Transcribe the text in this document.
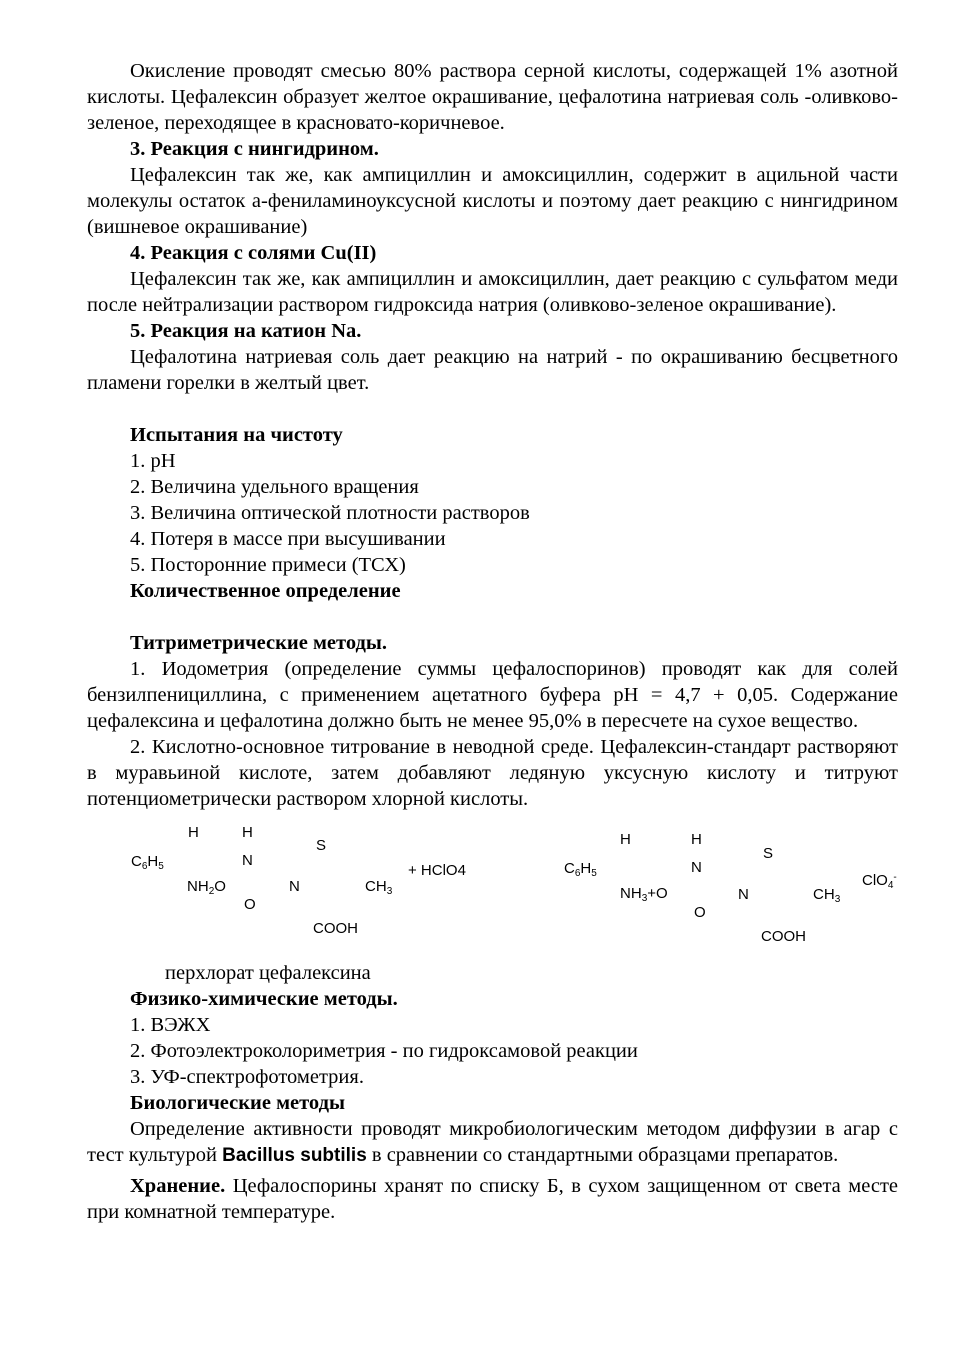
Окисление проводят смесью 80% раствора серной кислоты, содержащей 1% азотной кислоты. Цефалексин образует желтое окрашивание, цефалотина натриевая соль -оливково-зеленое, переходящее в красновато-коричневое.

3. Реакция с нингидрином.

Цефалексин так же, как ампициллин и амоксициллин, содержит в ацильной части молекулы остаток а-фениламиноуксусной кислоты и поэтому дает реакцию с нингидрином (вишневое окрашивание)

4. Реакция с солями Cu(II)

Цефалексин так же, как ампициллин и амоксициллин, дает реакцию с сульфатом меди после нейтрализации раствором гидроксида натрия (оливково-зеленое окрашивание).

5. Реакция на катион Na.

Цефалотина натриевая соль дает реакцию на натрий - по окрашиванию бесцветного пламени горелки в желтый цвет.

Испытания на чистоту
1. pH
2. Величина удельного вращения
3. Величина оптической плотности растворов
4. Потеря в массе при высушивании
5. Посторонние примеси (ТСХ)
Количественное определение
Титриметрические методы.

1. Иодометрия (определение суммы цефалоспоринов) проводят как для солей бензилпенициллина, с применением ацетатного буфера pH = 4,7 + 0,05. Содержание цефалексина и цефалотина должно быть не менее 95,0% в пересчете на сухое вещество.

2. Кислотно-основное титрование в неводной среде. Цефалексин-стандарт растворяют в муравьиной кислоте, затем добавляют ледяную уксусную кислоту и титруют потенциометрически раствором хлорной кислоты.

H	H
S
$C_6H_5$	N
+ HClO4
$NH_2O$	N	$CH_3$
O
COOH
H	H
S
$C_6H_5$	N
ClO$_4$-
$NH_3+O$	N	$CH_3$
O
COOH
перхлорат цефалексина
Физико-химические методы.
1. ВЭЖХ
2. Фотоэлектроколориметрия - по гидроксамовой реакции
3. УФ-спектрофотометрия.
Биологические методы

Определение активности проводят микробиологическим методом диффузии в агар с тест культурой Bacillus subtilis в сравнении со стандартными образцами препаратов.

Хранение. Цефалоспорины хранят по списку Б, в сухом защищенном от света месте при комнатной температуре.
